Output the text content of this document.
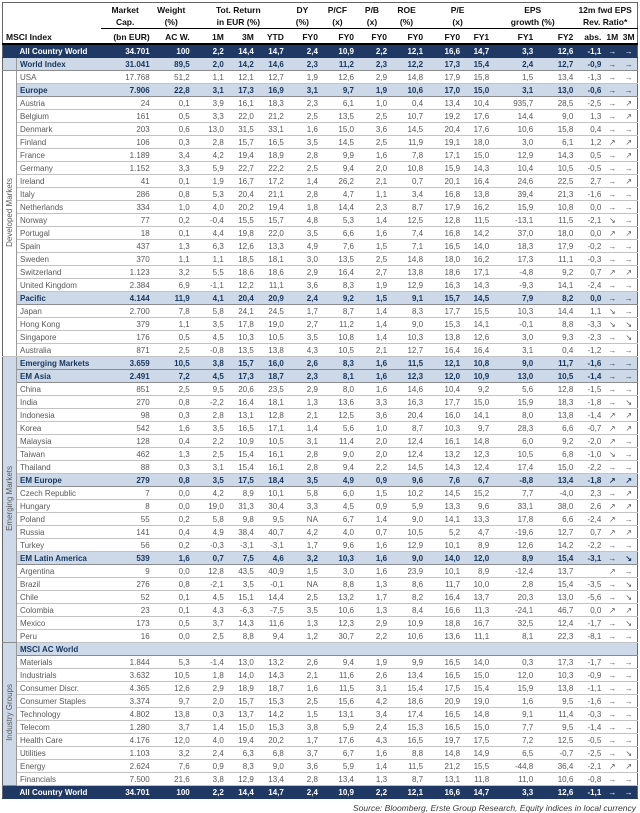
		Market	Weight	Tot. Return			DY	P/CF	P/B	ROE	P/E		EPS		12m fwd EPS		
		Cap.	(%)	in EUR (%)			(%)	(x)	(x)	(%)	(x)		growth (%)		Rev. Ratio*		
MSCI Index		(bn EUR)	AC W.	1M	3M	YTD	FY0	FY0	FY0	FY0	FY0	FY1	FY1	FY2	abs.	1M	3M
	All Country World	34.701	100	2,2	14,4	14,7	2,4	10,9	2,2	12,1	16,6	14,7	3,3	12,6	-1,1	→	→
	World Index	31.041	89,5	2,0	14,2	14,6	2,3	11,2	2,3	12,2	17,3	15,4	2,4	12,7	-0,9	→	→
Developed Markets	USA	17.768	51,2	1,1	12,1	12,7	1,9	12,6	2,9	14,8	17,9	15,8	1,5	13,4	-1,3	→	→
	Europe	7.906	22,8	3,1	17,3	16,9	3,1	9,7	1,9	10,6	17,0	15,0	3,1	13,0	-0,6	→	→
	Austria	24	0,1	3,9	16,1	18,3	2,3	6,1	1,0	0,4	13,4	10,4	935,7	28,5	-2,5	→	↗
	Belgium	161	0,5	3,3	22,0	21,2	2,5	13,5	2,5	10,7	19,2	17,6	14,4	9,0	1,3	→	↗
	Denmark	203	0,6	13,0	31,5	33,1	1,6	15,0	3,6	14,5	20,4	17,6	10,6	15,8	0,4	→	→
	Finland	106	0,3	2,8	15,7	16,5	3,5	14,5	2,5	11,9	19,1	18,0	3,0	6,1	1,2	↗	↗
	France	1.189	3,4	4,2	19,4	18,9	2,8	9,9	1,6	7,8	17,1	15,0	12,9	14,3	0,5	→	↗
	Germany	1.152	3,3	5,9	22,7	22,2	2,5	9,4	2,0	10,8	15,9	14,3	10,4	10,5	-0,5	→	→
	Ireland	41	0,1	1,9	16,7	17,2	1,4	26,2	2,1	0,7	20,1	16,4	24,6	22,5	2,7	→	↗
	Italy	286	0,8	5,3	20,4	21,1	2,8	4,7	1,1	3,4	16,8	13,8	39,4	21,3	-1,6	→	→
	Netherlands	334	1,0	4,0	20,2	19,4	1,8	14,4	2,3	8,7	17,9	16,2	15,9	10,8	0,0	→	→
	Norway	77	0,2	-0,4	15,5	15,7	4,8	5,3	1,4	12,5	12,8	11,5	-13,1	11,5	-2,1	↘	→
	Portugal	18	0,1	4,4	19,8	22,0	3,5	6,6	1,6	7,4	16,8	14,2	37,0	18,0	0,0	↗	↗
	Spain	437	1,3	6,3	12,6	13,3	4,9	7,6	1,5	7,1	16,5	14,0	18,3	17,9	-0,2	→	→
	Sweden	370	1,1	1,1	18,5	18,1	3,0	13,5	2,5	14,8	18,0	16,2	17,3	11,1	-0,3	→	→
	Switzerland	1.123	3,2	5,5	18,6	18,6	2,9	16,4	2,7	13,8	18,6	17,1	-4,8	9,2	0,7	↗	↗
	United Kingdom	2.384	6,9	-1,1	12,2	11,1	3,6	8,3	1,9	12,9	16,3	14,3	-9,3	14,1	-2,4	→	→
	Pacific	4.144	11,9	4,1	20,4	20,9	2,4	9,2	1,5	9,1	15,7	14,5	7,9	8,2	0,0	→	→
	Japan	2.700	7,8	5,8	24,1	24,5	1,7	8,7	1,4	8,3	17,7	15,5	10,3	14,4	1,1	↘	→
	Hong Kong	379	1,1	3,5	17,8	19,0	2,7	11,2	1,4	9,0	15,3	14,1	-0,1	8,8	-3,3	↘	↘
	Singapore	176	0,5	4,5	10,3	10,5	3,5	10,8	1,4	10,3	13,8	12,6	3,0	9,3	-2,3	→	↘
	Australia	871	2,5	-0,8	13,5	13,8	4,3	10,5	2,1	12,7	16,4	16,4	3,1	0,4	-1,2	→	→
Emerging Markets	Emerging Markets	3.659	10,5	3,8	15,7	16,0	2,6	8,3	1,6	11,5	12,1	10,8	9,0	11,7	-1,6	→	→
	EM Asia	2.491	7,2	4,5	17,3	18,7	2,3	8,1	1,6	12,3	12,0	10,9	13,0	10,5	-1,4	→	→
	China	851	2,5	9,5	20,6	23,5	2,9	8,0	1,6	14,6	10,4	9,2	5,6	12,8	-1,5	→	→
	India	270	0,8	-2,2	16,4	18,1	1,3	13,6	3,3	16,3	17,7	15,0	15,9	18,3	-1,8	→	↘
	Indonesia	98	0,3	2,8	13,1	12,8	2,1	12,5	3,6	20,4	16,0	14,1	8,0	13,8	-1,4	↗	↗
	Korea	542	1,6	3,5	16,5	17,1	1,4	5,6	1,0	8,7	10,3	9,7	28,3	6,6	-0,7	↗	↗
	Malaysia	128	0,4	2,2	10,9	10,5	3,1	11,4	2,0	12,4	16,1	14,8	6,0	9,2	-2,0	↗	→
	Taiwan	462	1,3	2,5	15,4	16,1	2,8	9,0	2,0	12,4	13,2	12,3	10,5	6,8	-1,0	↘	→
	Thailand	88	0,3	3,1	15,4	16,1	2,8	9,4	2,2	14,5	14,3	12,4	17,4	15,0	-2,2	→	→
	EM Europe	279	0,8	3,5	17,5	18,4	3,5	4,9	0,9	9,6	7,6	6,7	-8,8	13,4	-1,8	↗	↗
	Czech Republic	7	0,0	4,2	8,9	10,1	5,8	6,0	1,5	10,2	14,5	15,2	7,7	-4,0	2,3	→	↗
	Hungary	8	0,0	19,0	31,3	30,4	3,3	4,5	0,9	5,9	13,3	9,6	33,1	38,0	2,6	↗	↗
	Poland	55	0,2	5,8	9,8	9,5	NA	6,7	1,4	9,0	14,1	13,3	17,8	6,6	-2,4	↗	→
	Russia	141	0,4	4,9	38,4	40,7	4,2	4,0	0,7	10,5	5,2	4,7	-19,6	12,7	0,7	↗	↗
	Turkey	56	0,2	-0,3	-3,1	-3,1	1,7	9,6	1,6	12,9	10,1	8,9	12,6	14,2	-2,2	→	→
	EM Latin America	539	1,6	0,7	7,5	4,6	3,2	10,3	1,6	9,0	14,0	12,0	8,9	15,4	-3,1	→	↘
	Argentina	9	0,0	12,8	43,5	40,9	1,5	3,0	1,6	23,9	10,1	8,9	-12,4	13,7		↗	→
	Brazil	276	0,8	-2,1	3,5	-0,1	NA	8,8	1,3	8,6	11,7	10,0	2,8	15,4	-3,5	→	↘
	Chile	52	0,1	4,5	15,1	14,4	2,5	13,2	1,7	8,2	16,4	13,7	20,3	13,0	-5,6	→	↘
	Colombia	23	0,1	4,3	-6,3	-7,5	3,5	10,6	1,3	8,4	16,6	11,3	-24,1	46,7	0,0	↗	↗
	Mexico	173	0,5	3,7	14,3	11,6	1,3	12,3	2,9	10,9	18,8	16,7	32,5	12,4	-1,7	→	↘
	Peru	16	0,0	2,5	8,8	9,4	1,2	30,7	2,2	10,6	13,6	11,1	8,1	22,3	-8,1	→	→
Industry Groups	MSCI AC World																
	Materials	1.844	5,3	-1,4	13,0	13,2	2,6	9,4	1,9	9,9	16,5	14,0	0,3	17,3	-1,7	→	→
	Industrials	3.632	10,5	1,8	14,0	14,3	2,1	11,6	2,6	13,4	16,5	15,0	12,0	10,3	-0,9	→	→
	Consumer Discr.	4.365	12,6	2,9	18,9	18,7	1,6	11,5	3,1	15,4	17,5	15,4	15,9	13,8	-1,1	→	→
	Consumer Staples	3.374	9,7	2,0	15,7	15,3	2,5	15,6	4,2	18,6	20,9	19,0	1,6	9,5	-1,6	→	→
	Technology	4.802	13,8	0,3	13,7	14,2	1,5	13,1	3,4	17,4	16,5	14,8	9,1	11,4	-0,3	→	→
	Telecom	1.280	3,7	1,4	15,0	15,3	3,8	5,9	2,4	15,3	16,5	15,0	7,7	9,5	-1,4	→	→
	Health Care	4.176	12,0	4,0	19,4	20,2	1,7	17,6	4,3	16,5	19,7	17,5	7,2	12,5	-0,5	→	→
	Utilities	1.103	3,2	2,4	6,3	6,8	3,7	6,7	1,6	8,8	14,8	14,9	6,5	-0,7	-2,5	→	↘
	Energy	2.624	7,6	0,9	8,3	9,0	3,6	5,9	1,4	11,5	21,2	15,5	-44,8	36,4	-2,1	↗	↗
	Financials	7.500	21,6	3,8	12,9	13,4	2,8	13,4	1,3	8,7	13,1	11,8	11,0	10,6	-0,8	→	→
	All Country World	34.701	100	2,2	14,4	14,7	2,4	10,9	2,2	12,1	16,6	14,7	3,3	12,6	-1,1	→	→
Source: Bloomberg, Erste Group Research, Equity indices in local currency
